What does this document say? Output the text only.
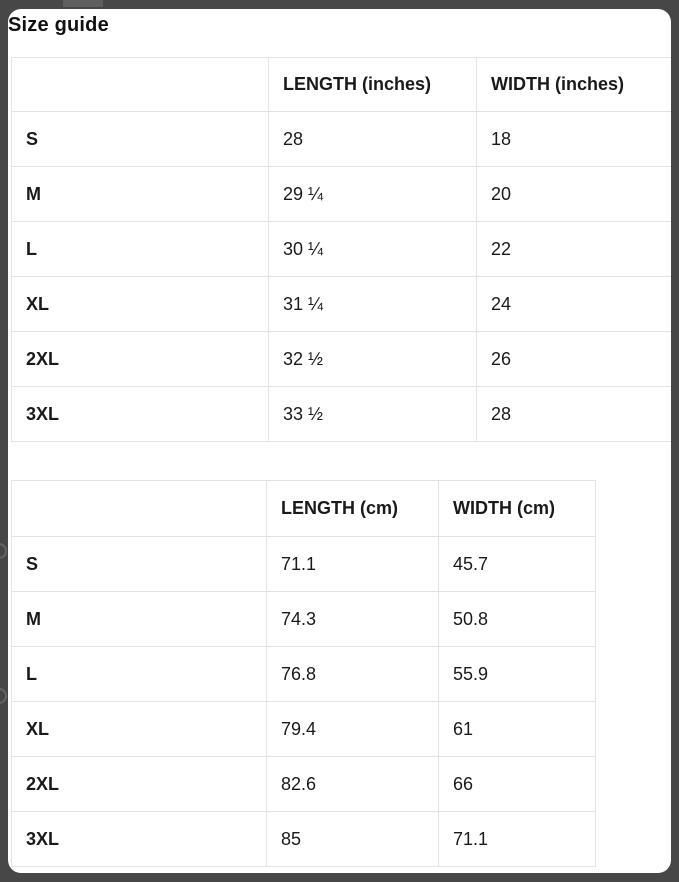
Size guide
	LENGTH (inches)	WIDTH (inches)
S	28	18
M	29 ¼	20
L	30 ¼	22
XL	31 ¼	24
2XL	32 ½	26
3XL	33 ½	28
	LENGTH (cm)	WIDTH (cm)
S	71.1	45.7
M	74.3	50.8
L	76.8	55.9
XL	79.4	61
2XL	82.6	66
3XL	85	71.1
